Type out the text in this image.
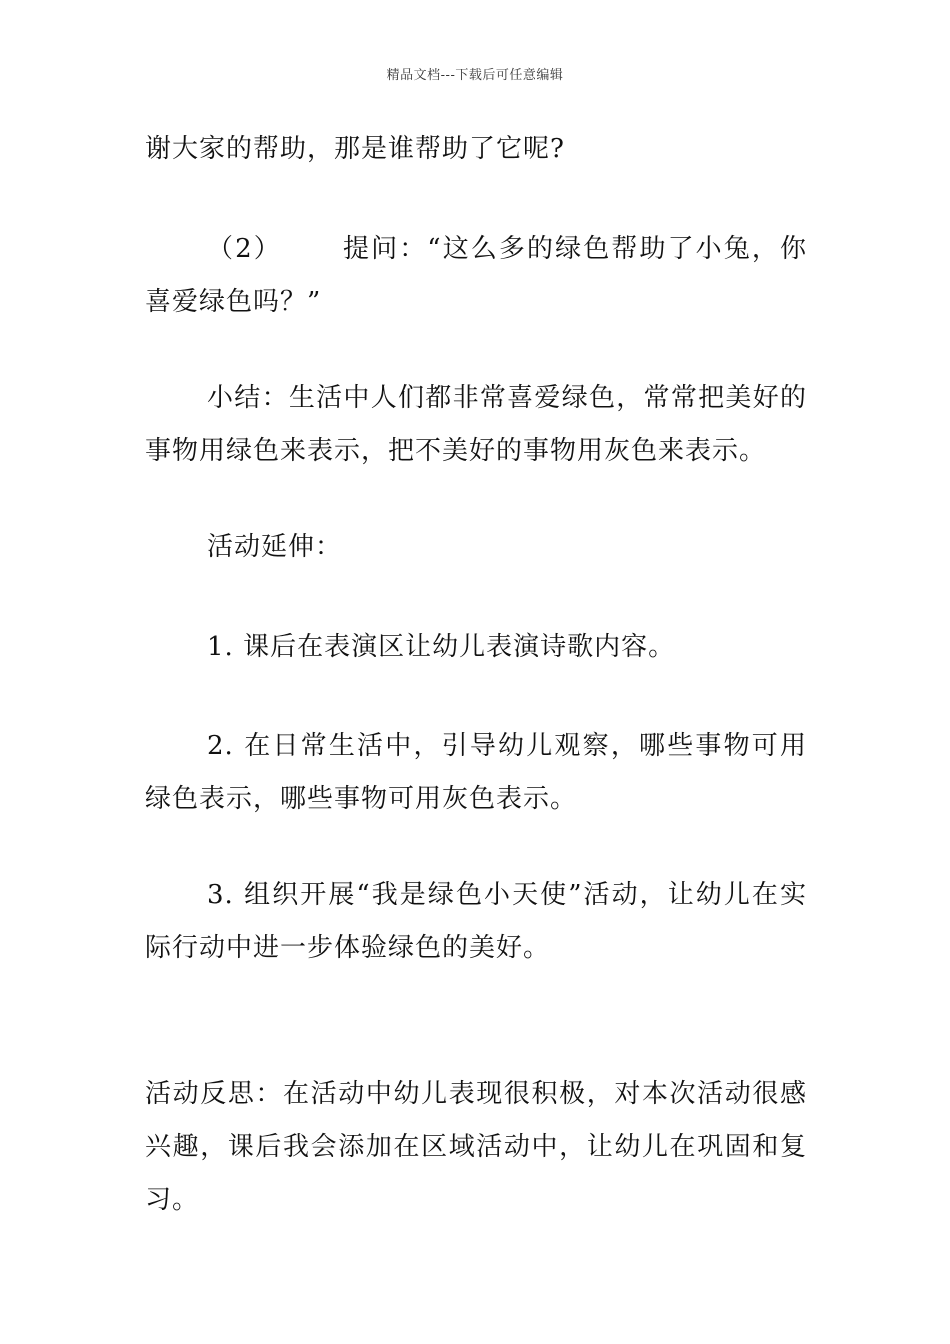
精品文档---下载后可任意编辑

谢大家的帮助，那是谁帮助了它呢?

（2） 提问：“这么多的绿色帮助了小兔，你喜爱绿色吗？”

小结：生活中人们都非常喜爱绿色，常常把美好的事物用绿色来表示，把不美好的事物用灰色来表示。

活动延伸：

1. 课后在表演区让幼儿表演诗歌内容。

2. 在日常生活中，引导幼儿观察，哪些事物可用绿色表示，哪些事物可用灰色表示。

3. 组织开展“我是绿色小天使”活动，让幼儿在实际行动中进一步体验绿色的美好。

活动反思：在活动中幼儿表现很积极，对本次活动很感兴趣，课后我会添加在区域活动中，让幼儿在巩固和复习。
